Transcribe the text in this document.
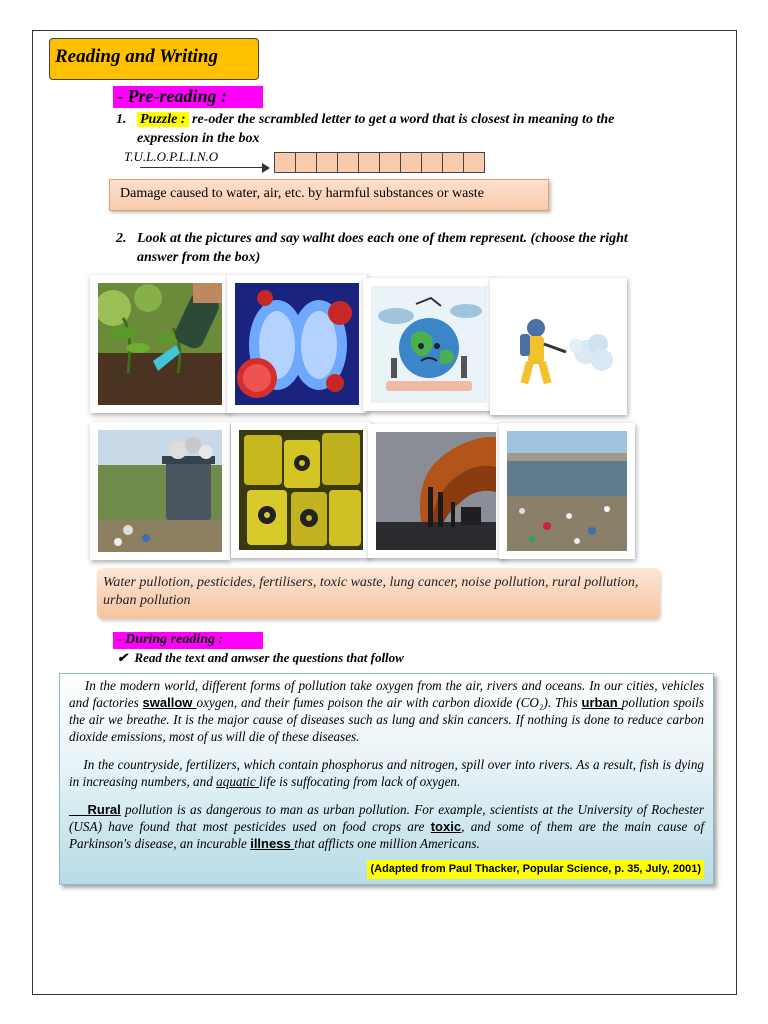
Reading and Writing
- Pre-reading :
1. Puzzle : re-oder the scrambled letter to get a word that is closest in meaning to the
expression in the box
T.U.L.O.P.L.I.N.O
Damage caused to water, air, etc. by harmful substances or waste
2. Look at the pictures and say walht does each one of them represent. (choose the right
answer from the box)
Water pullotion, pesticides, fertilisers, toxic waste, lung cancer, noise pollution, rural pollution, urban pollution
- During reading :
✔ Read the text and anwser the questions that follow

In the modern world, different forms of pollution take oxygen from the air, rivers and oceans. In our cities, vehicles and factories swallow oxygen, and their fumes poison the air with carbon dioxide (CO₂). This urban pollution spoils the air we breathe. It is the major cause of diseases such as lung and skin cancers. If nothing is done to reduce carbon dioxide emissions, most of us will die of these diseases.

In the countryside, fertilizers, which contain phosphorus and nitrogen, spill over into rivers. As a result, fish is dying in increasing numbers, and aquatic life is suffocating from lack of oxygen.

Rural pollution is as dangerous to man as urban pollution. For example, scientists at the University of Rochester (USA) have found that most pesticides used on food crops are toxic, and some of them are the main cause of Parkinson's disease, an incurable illness that afflicts one million Americans.

(Adapted from Paul Thacker, Popular Science, p. 35, July, 2001)
